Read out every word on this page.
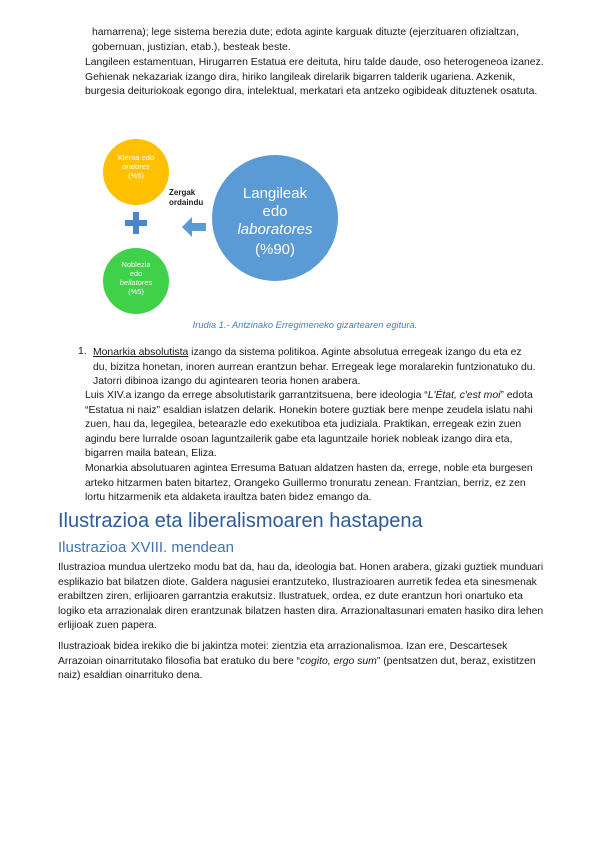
hamarrena); lege sistema berezia dute; edota aginte karguak dituzte (ejerzituaren ofizialtzan, gobernuan, justizian, etab.), besteak beste.

Langileen estamentuan, Hirugarren Estatua ere deituta, hiru talde daude, oso heterogeneoa izanez. Gehienak nekazariak izango dira, hiriko langileak direlarik bigarren talderik ugariena. Azkenik, burgesia deituriokoak egongo dira, intelektual, merkatari eta antzeko ogibideak dituztenek osatuta.

Kleroa edo
oratores
(%5)
Noblezia
edo
bellatores
(%5)
Zergak
ordaindu
Langileak
edo
laboratores
(%90)
Irudia 1.- Antzinako Erregimeneko gizartearen egitura.
1. Monarkia absolutista izango da sistema politikoa. Aginte absolutua erregeak izango du eta ez du, bizitza honetan, inoren aurrean erantzun behar. Erregeak lege moralarekin funtzionatuko du. Jatorri dibinoa izango du agintearen teoria honen arabera.

Luis XIV.a izango da errege absolutistarik garrantzitsuena, bere ideologia “L'État, c'est moi” edota “Estatua ni naiz” esaldian islatzen delarik. Honekin botere guztiak bere menpe zeudela islatu nahi zuen, hau da, legegilea, betearazle edo exekutiboa eta judiziala. Praktikan, erregeak ezin zuen agindu bere lurralde osoan laguntzailerik gabe eta laguntzaile horiek nobleak izango dira eta, bigarren maila batean, Eliza.

Monarkia absolutuaren agintea Erresuma Batuan aldatzen hasten da, errege, noble eta burgesen arteko hitzarmen baten bitartez, Orangeko Guillermo tronuratu zenean. Frantzian, berriz, ez zen lortu hitzarmenik eta aldaketa iraultza baten bidez emango da.

Ilustrazioa eta liberalismoaren hastapena
Ilustrazioa XVIII. mendean

Ilustrazioa mundua ulertzeko modu bat da, hau da, ideologia bat. Honen arabera, gizaki guztiek munduari esplikazio bat bilatzen diote. Galdera nagusiei erantzuteko, Ilustrazioaren aurretik fedea eta sinesmenak erabiltzen ziren, erlijioaren garrantzia erakutsiz. Ilustratuek, ordea, ez dute erantzun hori onartuko eta logiko eta arrazionalak diren erantzunak bilatzen hasten dira. Arrazionaltasunari ematen hasiko dira lehen erlijioak zuen papera.

Ilustrazioak bidea irekiko die bi jakintza motei: zientzia eta arrazionalismoa. Izan ere, Descartesek Arrazoian oinarritutako filosofia bat eratuko du bere “cogito, ergo sum” (pentsatzen dut, beraz, existitzen naiz) esaldian oinarrituko dena.
